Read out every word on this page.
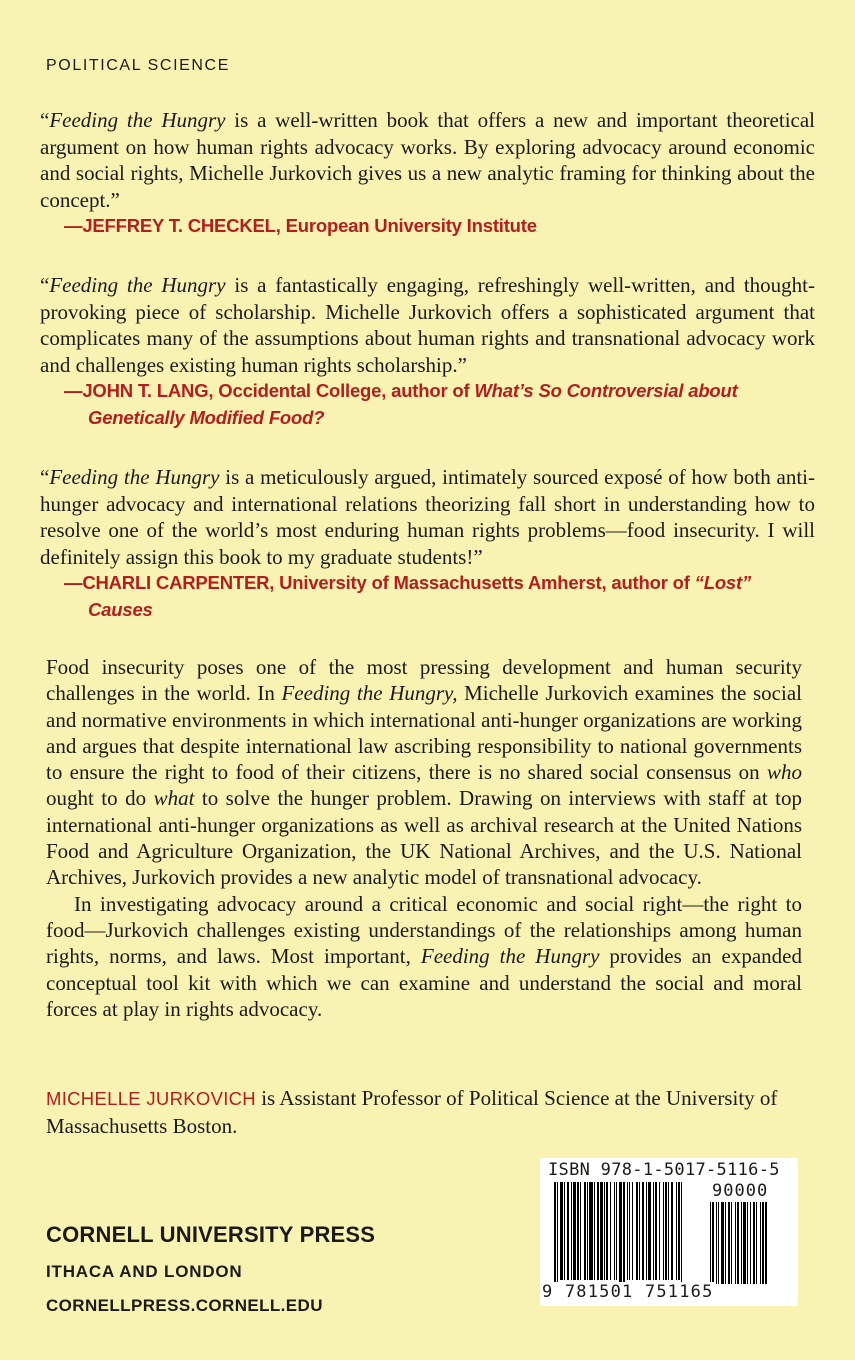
POLITICAL SCIENCE
“Feeding the Hungry is a well-written book that offers a new and important theoretical argument on how human rights advocacy works. By exploring advocacy around economic and social rights, Michelle Jurkovich gives us a new analytic framing for thinking about the concept.”
—JEFFREY T. CHECKEL, European University Institute
“Feeding the Hungry is a fantastically engaging, refreshingly well-written, and thought-provoking piece of scholarship. Michelle Jurkovich offers a sophisticated argument that complicates many of the assumptions about human rights and transnational advocacy work and challenges existing human rights scholarship.”
—JOHN T. LANG, Occidental College, author of What’s So Controversial about Genetically Modified Food?
“Feeding the Hungry is a meticulously argued, intimately sourced exposé of how both anti-hunger advocacy and international relations theorizing fall short in understanding how to resolve one of the world’s most enduring human rights problems—food insecurity. I will definitely assign this book to my graduate students!”
—CHARLI CARPENTER, University of Massachusetts Amherst, author of “Lost” Causes

Food insecurity poses one of the most pressing development and human security challenges in the world. In Feeding the Hungry, Michelle Jurkovich examines the social and normative environments in which international anti-hunger organizations are working and argues that despite international law ascribing responsibility to national governments to ensure the right to food of their citizens, there is no shared social consensus on who ought to do what to solve the hunger problem. Drawing on interviews with staff at top international anti-hunger organizations as well as archival research at the United Nations Food and Agriculture Organization, the UK National Archives, and the U.S. National Archives, Jurkovich provides a new analytic model of transnational advocacy.

In investigating advocacy around a critical economic and social right—the right to food—Jurkovich challenges existing understandings of the relationships among human rights, norms, and laws. Most important, Feeding the Hungry provides an expanded conceptual tool kit with which we can examine and understand the social and moral forces at play in rights advocacy.

MICHELLE JURKOVICH is Assistant Professor of Political Science at the University of Massachusetts Boston.
CORNELL UNIVERSITY PRESS
ITHACA AND LONDON
CORNELLPRESS.CORNELL.EDU
ISBN 978-1-5017-5116-5
90000
9 781501 751165
